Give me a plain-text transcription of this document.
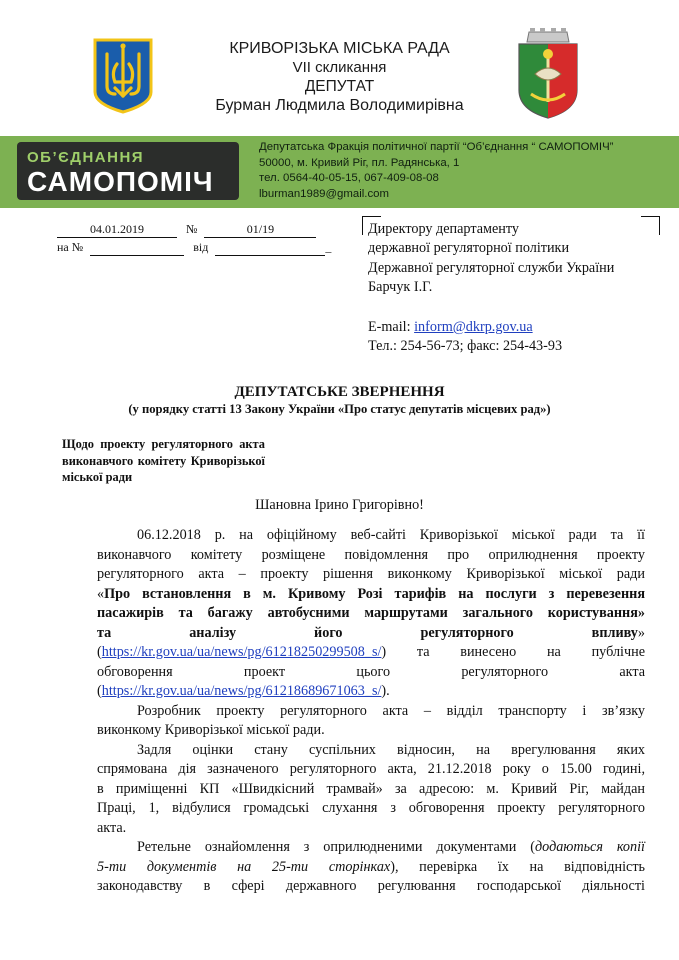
КРИВОРІЗЬКА МІСЬКА РАДА
VII скликання
ДЕПУТАТ
Бурман Людмила Володимирівна
ОБ’ЄДНАННЯ
САМОПОМІЧ
Депутатська Фракція політичної партії “Об’єднання “ САМОПОМІЧ”
50000, м. Кривий Ріг, пл. Радянська, 1
тел. 0564-40-05-15, 067-409-08-08
lburman1989@gmail.com
04.01.2019	№	01/19
на №	від	_
Директору департаменту
державної регуляторної політики
Державної регуляторної служби України
Барчук І.Г.
E-mail: inform@dkrp.gov.ua
Тел.: 254-56-73; факс: 254-43-93
ДЕПУТАТСЬКЕ ЗВЕРНЕННЯ
(у порядку статті 13 Закону України «Про статус депутатів місцевих рад»)
Щодо проекту регуляторного акта виконавчого комітету Криворізької міської ради
Шановна Ірино Григорівно!
06.12.2018 р. на офіційному веб-сайті Криворізької міської ради та її
виконавчого комітету розміщене повідомлення про оприлюднення проекту
регуляторного акта – проекту рішення виконкому Криворізької міської ради
«Про встановлення в м. Кривому Розі тарифів на послуги з перевезення
пасажирів та багажу автобусними маршрутами загального користування»
та аналізу його регуляторного впливу»
(https://kr.gov.ua/ua/news/pg/61218250299508_s/) та винесено на публічне
обговорення проект цього регуляторного акта
(https://kr.gov.ua/ua/news/pg/61218689671063_s/).
Розробник проекту регуляторного акта – відділ транспорту і зв’язку
виконкому Криворізької міської ради.
Задля оцінки стану суспільних відносин, на врегулювання яких
спрямована дія зазначеного регуляторного акта, 21.12.2018 року о 15.00 годині,
в приміщенні КП «Швидкісний трамвай» за адресою: м. Кривий Ріг, майдан
Праці, 1, відбулися громадські слухання з обговорення проекту регуляторного
акта.
Ретельне ознайомлення з оприлюдненими документами (додаються копії
5-ти документів на 25-ти сторінках), перевірка їх на відповідність
законодавству в сфері державного регулювання господарської діяльності
